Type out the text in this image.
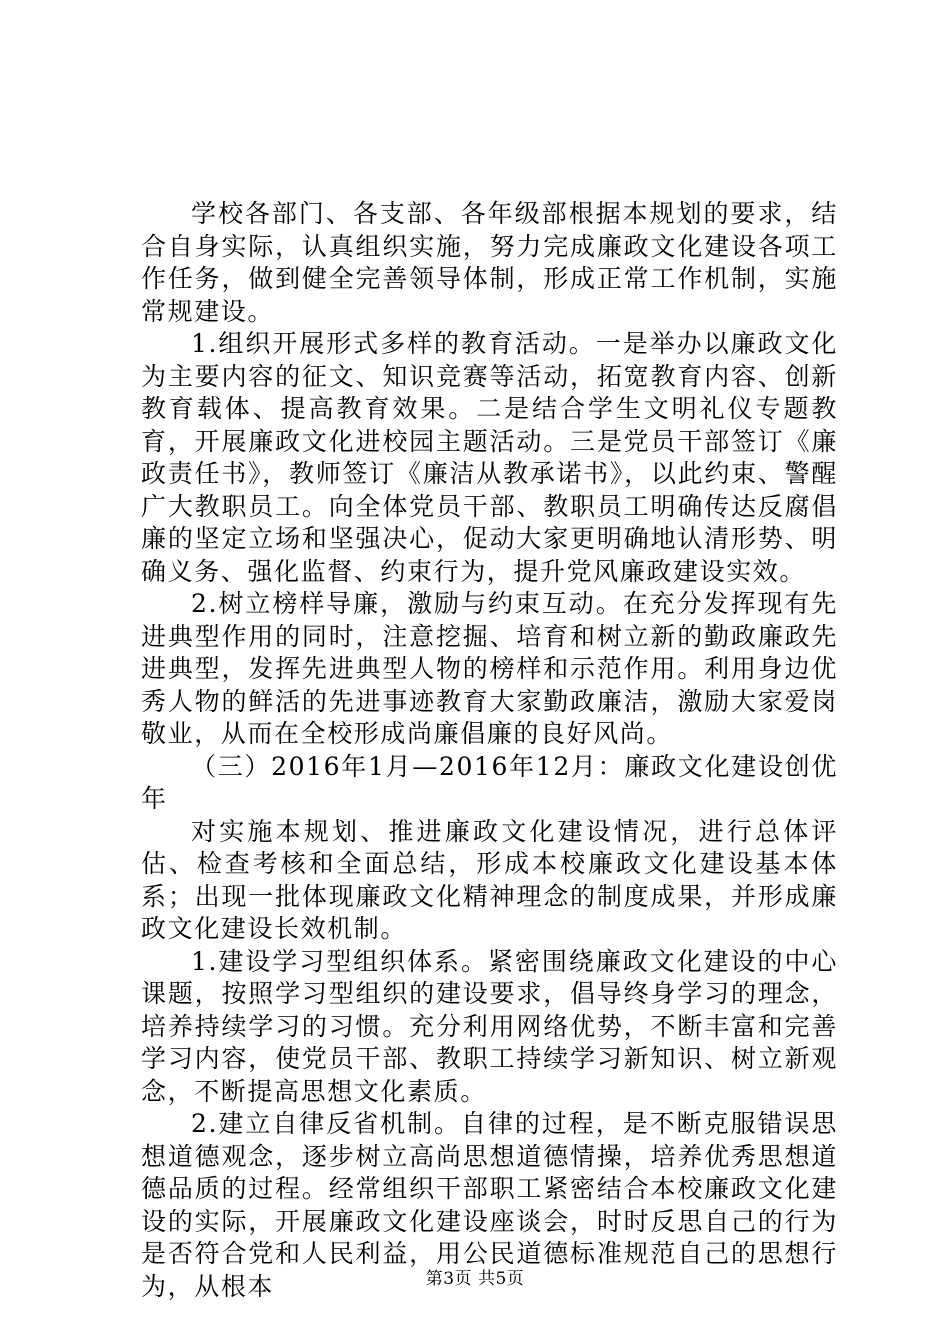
学校各部门、各支部、各年级部根据本规划的要求，结合自身实际，认真组织实施，努力完成廉政文化建设各项工作任务，做到健全完善领导体制，形成正常工作机制，实施常规建设。

1.组织开展形式多样的教育活动。一是举办以廉政文化为主要内容的征文、知识竞赛等活动，拓宽教育内容、创新教育载体、提高教育效果。二是结合学生文明礼仪专题教育，开展廉政文化进校园主题活动。三是党员干部签订《廉政责任书》，教师签订《廉洁从教承诺书》，以此约束、警醒广大教职员工。向全体党员干部、教职员工明确传达反腐倡廉的坚定立场和坚强决心，促动大家更明确地认清形势、明确义务、强化监督、约束行为，提升党风廉政建设实效。

2.树立榜样导廉，激励与约束互动。在充分发挥现有先进典型作用的同时，注意挖掘、培育和树立新的勤政廉政先进典型，发挥先进典型人物的榜样和示范作用。利用身边优秀人物的鲜活的先进事迹教育大家勤政廉洁，激励大家爱岗敬业，从而在全校形成尚廉倡廉的良好风尚。

（三）2016年1月—2016年12月：廉政文化建设创优年

对实施本规划、推进廉政文化建设情况，进行总体评估、检查考核和全面总结，形成本校廉政文化建设基本体系；出现一批体现廉政文化精神理念的制度成果，并形成廉政文化建设长效机制。

1.建设学习型组织体系。紧密围绕廉政文化建设的中心课题，按照学习型组织的建设要求，倡导终身学习的理念，培养持续学习的习惯。充分利用网络优势，不断丰富和完善学习内容，使党员干部、教职工持续学习新知识、树立新观念，不断提高思想文化素质。

2.建立自律反省机制。自律的过程，是不断克服错误思想道德观念，逐步树立高尚思想道德情操，培养优秀思想道德品质的过程。经常组织干部职工紧密结合本校廉政文化建设的实际，开展廉政文化建设座谈会，时时反思自己的行为是否符合党和人民利益，用公民道德标准规范自己的思想行为，从根本	第3页 共5页
